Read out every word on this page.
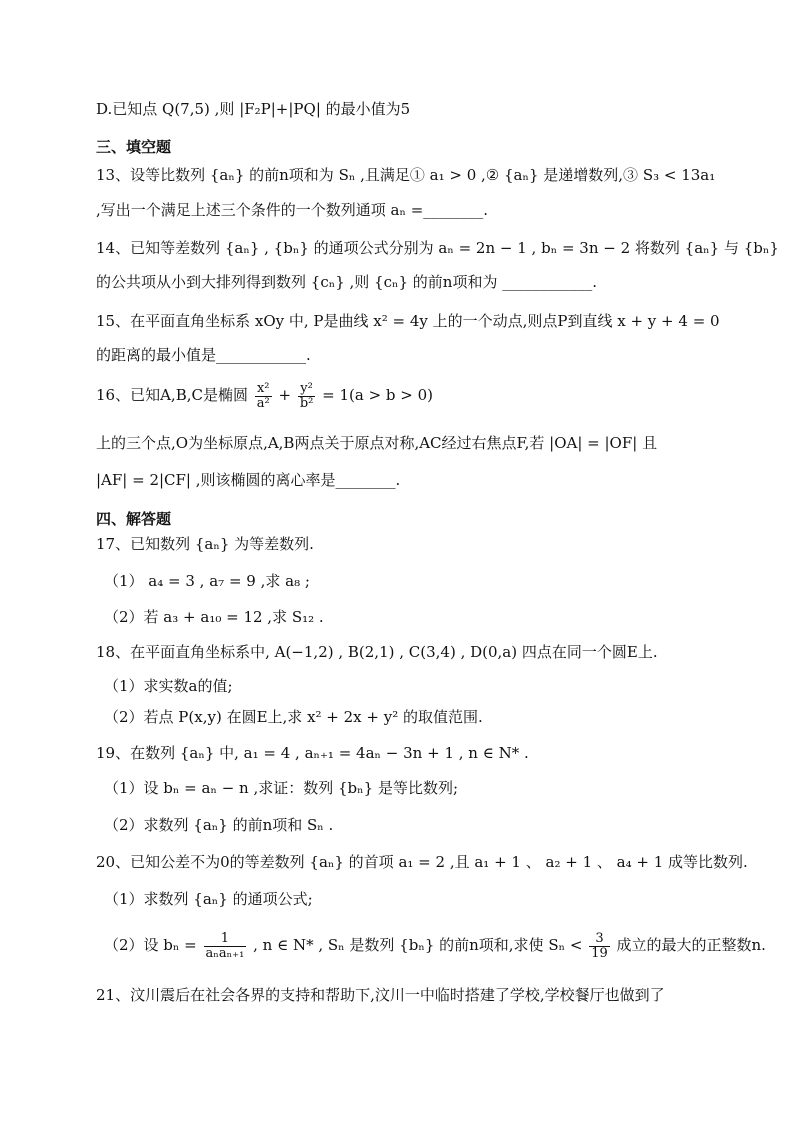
D.已知点 Q(7,5) ,则 |F₂P|+|PQ| 的最小值为5
三、填空题
13、设等比数列 {aₙ} 的前n项和为 Sₙ ,且满足① a₁ > 0 ,② {aₙ} 是递增数列,③ S₃ < 13a₁
,写出一个满足上述三个条件的一个数列通项 aₙ =________.
14、已知等差数列 {aₙ} , {bₙ} 的通项公式分别为 aₙ = 2n − 1 , bₙ = 3n − 2 将数列 {aₙ} 与 {bₙ}
的公共项从小到大排列得到数列 {cₙ} ,则 {cₙ} 的前n项和为 ____________.
15、在平面直角坐标系 xOy 中, P是曲线 x² = 4y 上的一个动点,则点P到直线 x + y + 4 = 0
的距离的最小值是____________.
16、已知A,B,C是椭圆 $\frac{\text{x²}}{\text{a²}} + \frac{\text{y²}}{\text{b²}} = 1(a > b > 0)$
上的三个点,O为坐标原点,A,B两点关于原点对称,AC经过右焦点F,若 |OA| = |OF| 且
|AF| = 2|CF| ,则该椭圆的离心率是________.
四、解答题
17、已知数列 {aₙ} 为等差数列.
（1） a₄ = 3 , a₇ = 9 ,求 a₈ ;
（2）若 a₃ + a₁₀ = 12 ,求 S₁₂ .
18、在平面直角坐标系中, A(−1,2) , B(2,1) , C(3,4) , D(0,a) 四点在同一个圆E上.
（1）求实数a的值;
（2）若点 P(x,y) 在圆E上,求 x² + 2x + y² 的取值范围.
19、在数列 {aₙ} 中, a₁ = 4 , aₙ₊₁ = 4aₙ − 3n + 1 , n ∈ N* .
（1）设 bₙ = aₙ − n ,求证：数列 {bₙ} 是等比数列;
（2）求数列 {aₙ} 的前n项和 Sₙ .
20、已知公差不为0的等差数列 {aₙ} 的首项 a₁ = 2 ,且 a₁ + 1 、 a₂ + 1 、 a₄ + 1 成等比数列.
（1）求数列 {aₙ} 的通项公式;
（2）设 $b_n = \frac{1}{\text{aₙaₙ₊₁}}$ , n ∈ N* , Sₙ 是数列 {bₙ} 的前n项和,求使 $S_n < \frac{3}{19}$ 成立的最大的正整数n.
21、汶川震后在社会各界的支持和帮助下,汶川一中临时搭建了学校,学校餐厅也做到了
